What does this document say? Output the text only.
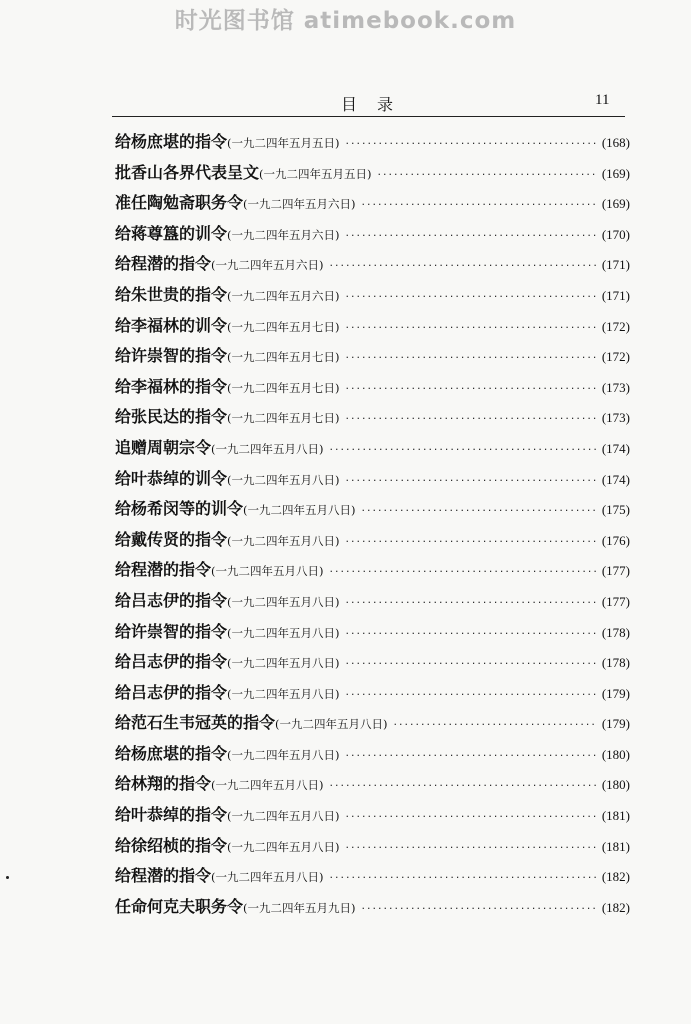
时光图书馆 atimebook.com
目 录	11
给杨庶堪的指令 (一九二四年五月五日) ·····	(168)
批香山各界代表呈文 (一九二四年五月五日) ·····	(169)
准任陶勉斋职务令 (一九二四年五月六日) ·····	(169)
给蒋尊簋的训令 (一九二四年五月六日) ·····	(170)
给程潜的指令 (一九二四年五月六日) ·····	(171)
给朱世贵的指令 (一九二四年五月六日) ·····	(171)
给李福林的训令 (一九二四年五月七日) ·····	(172)
给许崇智的指令 (一九二四年五月七日) ·····	(172)
给李福林的指令 (一九二四年五月七日) ·····	(173)
给张民达的指令 (一九二四年五月七日) ·····	(173)
追赠周朝宗令 (一九二四年五月八日) ·····	(174)
给叶恭绰的训令 (一九二四年五月八日) ·····	(174)
给杨希闵等的训令 (一九二四年五月八日) ·····	(175)
给戴传贤的指令 (一九二四年五月八日) ·····	(176)
给程潜的指令 (一九二四年五月八日) ·····	(177)
给吕志伊的指令 (一九二四年五月八日) ·····	(177)
给许崇智的指令 (一九二四年五月八日) ·····	(178)
给吕志伊的指令 (一九二四年五月八日) ·····	(178)
给吕志伊的指令 (一九二四年五月八日) ·····	(179)
给范石生韦冠英的指令 (一九二四年五月八日) ·····	(179)
给杨庶堪的指令 (一九二四年五月八日) ·····	(180)
给林翔的指令 (一九二四年五月八日) ·····	(180)
给叶恭绰的指令 (一九二四年五月八日) ·····	(181)
给徐绍桢的指令 (一九二四年五月八日) ·····	(181)
给程潜的指令 (一九二四年五月八日) ·····	(182)
任命何克夫职务令 (一九二四年五月九日) ·····	(182)
